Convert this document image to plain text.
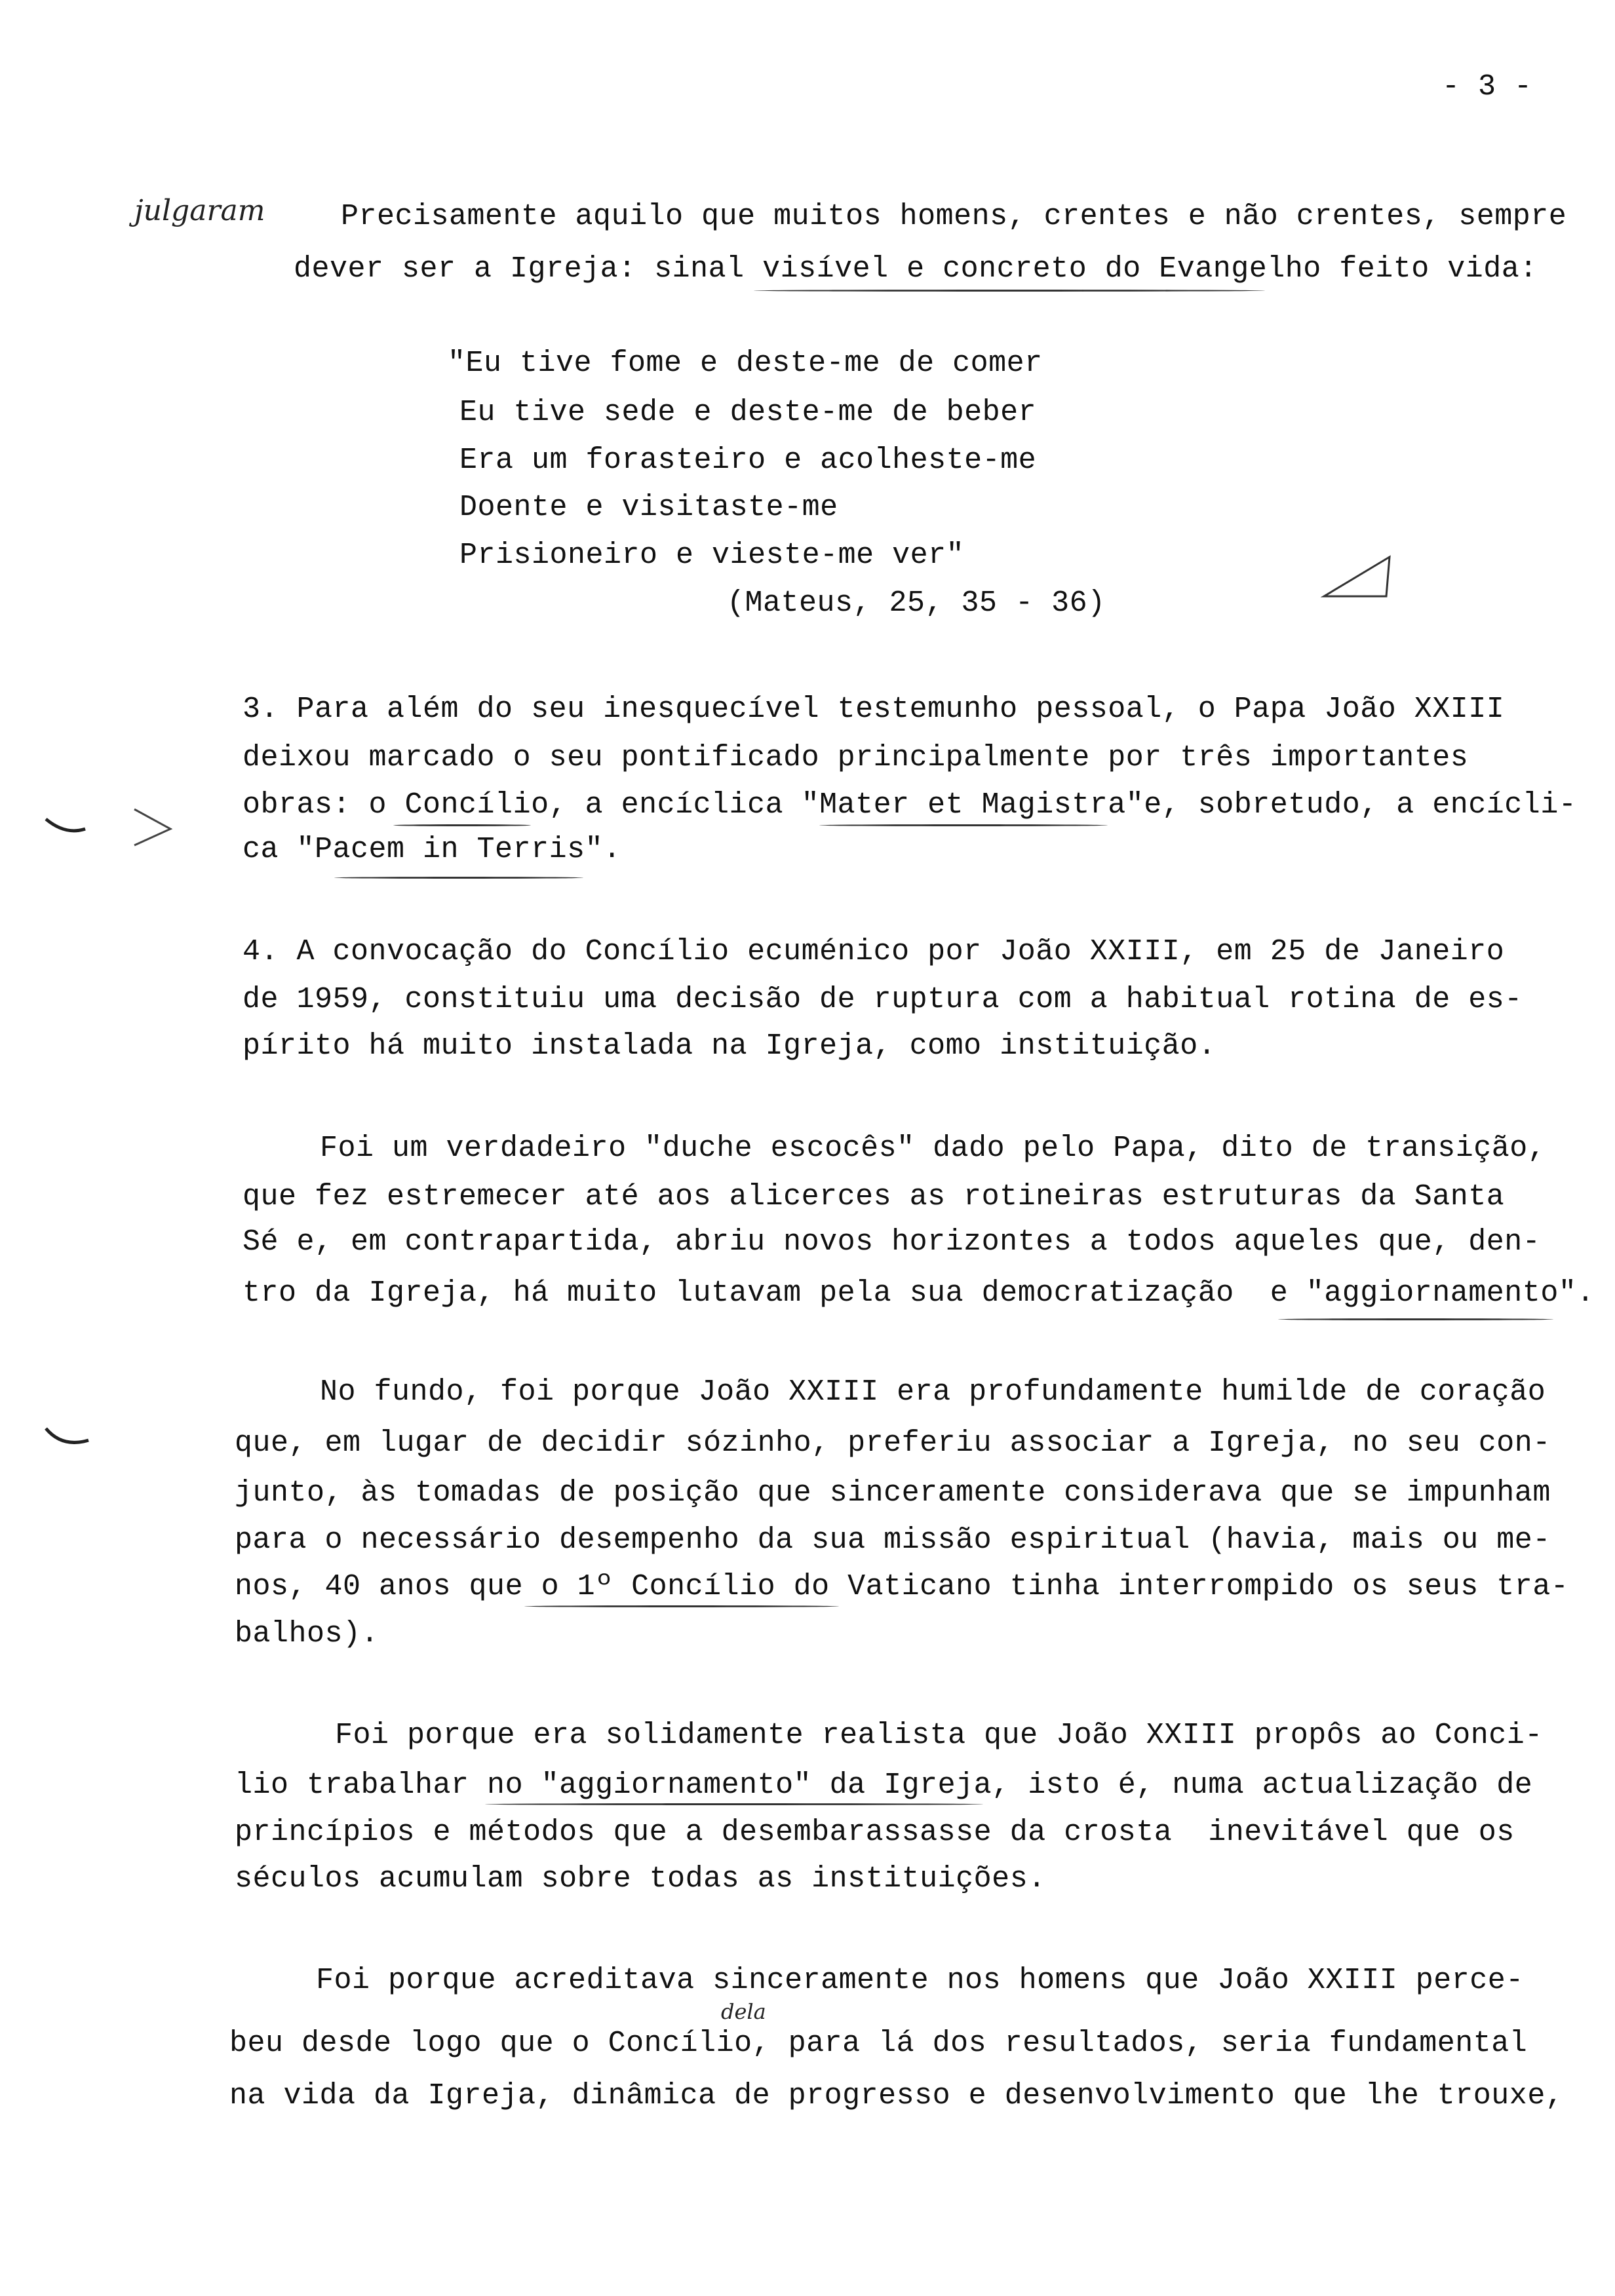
- 3 -
julgaram
dela
Precisamente aquilo que muitos homens, crentes e não crentes, sempre
dever ser a Igreja: sinal visível e concreto do Evangelho feito vida:
"Eu tive fome e deste-me de comer
Eu tive sede e deste-me de beber
Era um forasteiro e acolheste-me
Doente e visitaste-me
Prisioneiro e vieste-me ver"
(Mateus, 25, 35 - 36)
3. Para além do seu inesquecível testemunho pessoal, o Papa João XXIII
deixou marcado o seu pontificado principalmente por três importantes
obras: o Concílio, a encíclica "Mater et Magistra"e, sobretudo, a encícli-
ca "Pacem in Terris".
4. A convocação do Concílio ecuménico por João XXIII, em 25 de Janeiro
de 1959, constituiu uma decisão de ruptura com a habitual rotina de es-
pírito há muito instalada na Igreja, como instituição.
Foi um verdadeiro "duche escocês" dado pelo Papa, dito de transição,
que fez estremecer até aos alicerces as rotineiras estruturas da Santa
Sé e, em contrapartida, abriu novos horizontes a todos aqueles que, den-
tro da Igreja, há muito lutavam pela sua democratização  e "aggiornamento".
No fundo, foi porque João XXIII era profundamente humilde de coração
que, em lugar de decidir sózinho, preferiu associar a Igreja, no seu con-
junto, às tomadas de posição que sinceramente considerava que se impunham
para o necessário desempenho da sua missão espiritual (havia, mais ou me-
nos, 40 anos que o 1º Concílio do Vaticano tinha interrompido os seus tra-
balhos).
Foi porque era solidamente realista que João XXIII propôs ao Conci-
lio trabalhar no "aggiornamento" da Igreja, isto é, numa actualização de
princípios e métodos que a desembarassasse da crosta  inevitável que os
séculos acumulam sobre todas as instituições.
Foi porque acreditava sinceramente nos homens que João XXIII perce-
beu desde logo que o Concílio, para lá dos resultados, seria fundamental
na vida da Igreja, dinâmica de progresso e desenvolvimento que lhe trouxe,
